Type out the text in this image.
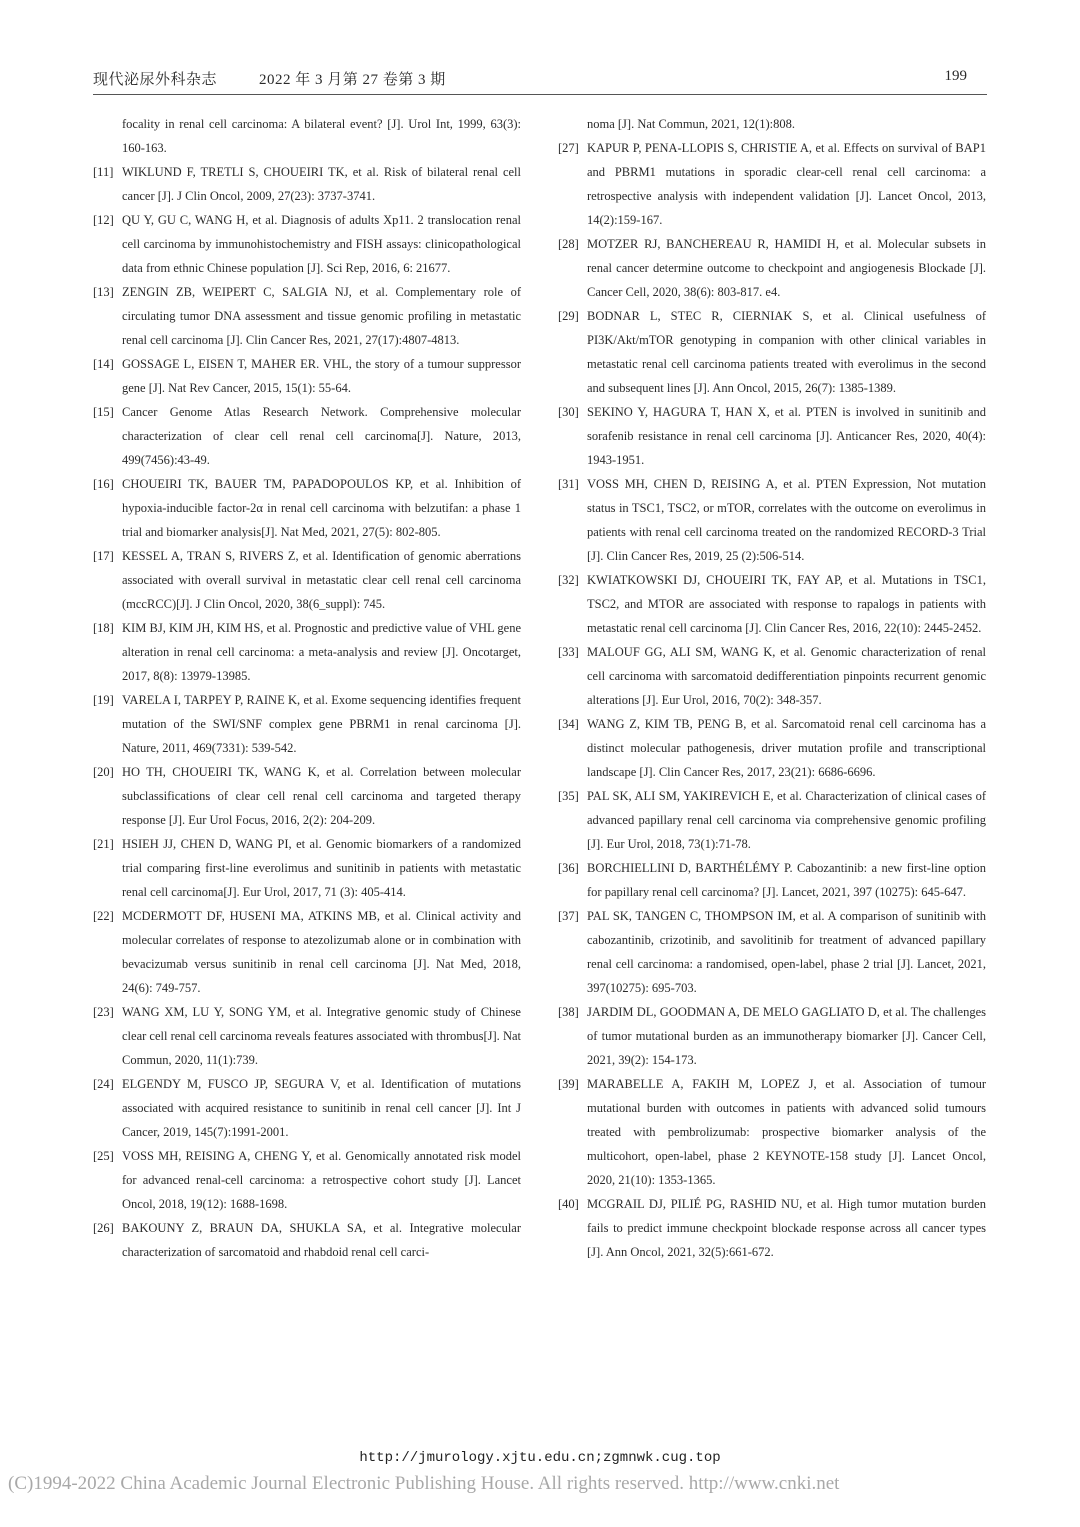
现代泌尿外科杂志	2022 年 3 月第 27 卷第 3 期	199
focality in renal cell carcinoma: A bilateral event? [J]. Urol Int, 1999, 63(3): 160-163.
[11] WIKLUND F, TRETLI S, CHOUEIRI TK, et al. Risk of bilateral renal cell cancer [J]. J Clin Oncol, 2009, 27(23): 3737-3741.
[12] QU Y, GU C, WANG H, et al. Diagnosis of adults Xp11. 2 translocation renal cell carcinoma by immunohistochemistry and FISH assays: clinicopathological data from ethnic Chinese population [J]. Sci Rep, 2016, 6: 21677.
[13] ZENGIN ZB, WEIPERT C, SALGIA NJ, et al. Complementary role of circulating tumor DNA assessment and tissue genomic profiling in metastatic renal cell carcinoma [J]. Clin Cancer Res, 2021, 27(17):4807-4813.
[14] GOSSAGE L, EISEN T, MAHER ER. VHL, the story of a tumour suppressor gene [J]. Nat Rev Cancer, 2015, 15(1): 55-64.
[15] Cancer Genome Atlas Research Network. Comprehensive molecular characterization of clear cell renal cell carcinoma[J]. Nature, 2013, 499(7456):43-49.
[16] CHOUEIRI TK, BAUER TM, PAPADOPOULOS KP, et al. Inhibition of hypoxia-inducible factor-2α in renal cell carcinoma with belzutifan: a phase 1 trial and biomarker analysis[J]. Nat Med, 2021, 27(5): 802-805.
[17] KESSEL A, TRAN S, RIVERS Z, et al. Identification of genomic aberrations associated with overall survival in metastatic clear cell renal cell carcinoma (mccRCC)[J]. J Clin Oncol, 2020, 38(6_suppl): 745.
[18] KIM BJ, KIM JH, KIM HS, et al. Prognostic and predictive value of VHL gene alteration in renal cell carcinoma: a meta-analysis and review [J]. Oncotarget, 2017, 8(8): 13979-13985.
[19] VARELA I, TARPEY P, RAINE K, et al. Exome sequencing identifies frequent mutation of the SWI/SNF complex gene PBRM1 in renal carcinoma [J]. Nature, 2011, 469(7331): 539-542.
[20] HO TH, CHOUEIRI TK, WANG K, et al. Correlation between molecular subclassifications of clear cell renal cell carcinoma and targeted therapy response [J]. Eur Urol Focus, 2016, 2(2): 204-209.
[21] HSIEH JJ, CHEN D, WANG PI, et al. Genomic biomarkers of a randomized trial comparing first-line everolimus and sunitinib in patients with metastatic renal cell carcinoma[J]. Eur Urol, 2017, 71 (3): 405-414.
[22] MCDERMOTT DF, HUSENI MA, ATKINS MB, et al. Clinical activity and molecular correlates of response to atezolizumab alone or in combination with bevacizumab versus sunitinib in renal cell carcinoma [J]. Nat Med, 2018, 24(6): 749-757.
[23] WANG XM, LU Y, SONG YM, et al. Integrative genomic study of Chinese clear cell renal cell carcinoma reveals features associated with thrombus[J]. Nat Commun, 2020, 11(1):739.
[24] ELGENDY M, FUSCO JP, SEGURA V, et al. Identification of mutations associated with acquired resistance to sunitinib in renal cell cancer [J]. Int J Cancer, 2019, 145(7):1991-2001.
[25] VOSS MH, REISING A, CHENG Y, et al. Genomically annotated risk model for advanced renal-cell carcinoma: a retrospective cohort study [J]. Lancet Oncol, 2018, 19(12): 1688-1698.
[26] BAKOUNY Z, BRAUN DA, SHUKLA SA, et al. Integrative molecular characterization of sarcomatoid and rhabdoid renal cell carci-
noma [J]. Nat Commun, 2021, 12(1):808.
[27] KAPUR P, PENA-LLOPIS S, CHRISTIE A, et al. Effects on survival of BAP1 and PBRM1 mutations in sporadic clear-cell renal cell carcinoma: a retrospective analysis with independent validation [J]. Lancet Oncol, 2013, 14(2):159-167.
[28] MOTZER RJ, BANCHEREAU R, HAMIDI H, et al. Molecular subsets in renal cancer determine outcome to checkpoint and angiogenesis Blockade [J]. Cancer Cell, 2020, 38(6): 803-817. e4.
[29] BODNAR L, STEC R, CIERNIAK S, et al. Clinical usefulness of PI3K/Akt/mTOR genotyping in companion with other clinical variables in metastatic renal cell carcinoma patients treated with everolimus in the second and subsequent lines [J]. Ann Oncol, 2015, 26(7): 1385-1389.
[30] SEKINO Y, HAGURA T, HAN X, et al. PTEN is involved in sunitinib and sorafenib resistance in renal cell carcinoma [J]. Anticancer Res, 2020, 40(4): 1943-1951.
[31] VOSS MH, CHEN D, REISING A, et al. PTEN Expression, Not mutation status in TSC1, TSC2, or mTOR, correlates with the outcome on everolimus in patients with renal cell carcinoma treated on the randomized RECORD-3 Trial [J]. Clin Cancer Res, 2019, 25 (2):506-514.
[32] KWIATKOWSKI DJ, CHOUEIRI TK, FAY AP, et al. Mutations in TSC1, TSC2, and MTOR are associated with response to rapalogs in patients with metastatic renal cell carcinoma [J]. Clin Cancer Res, 2016, 22(10): 2445-2452.
[33] MALOUF GG, ALI SM, WANG K, et al. Genomic characterization of renal cell carcinoma with sarcomatoid dedifferentiation pinpoints recurrent genomic alterations [J]. Eur Urol, 2016, 70(2): 348-357.
[34] WANG Z, KIM TB, PENG B, et al. Sarcomatoid renal cell carcinoma has a distinct molecular pathogenesis, driver mutation profile and transcriptional landscape [J]. Clin Cancer Res, 2017, 23(21): 6686-6696.
[35] PAL SK, ALI SM, YAKIREVICH E, et al. Characterization of clinical cases of advanced papillary renal cell carcinoma via comprehensive genomic profiling [J]. Eur Urol, 2018, 73(1):71-78.
[36] BORCHIELLINI D, BARTHÉLÉMY P. Cabozantinib: a new first-line option for papillary renal cell carcinoma? [J]. Lancet, 2021, 397 (10275): 645-647.
[37] PAL SK, TANGEN C, THOMPSON IM, et al. A comparison of sunitinib with cabozantinib, crizotinib, and savolitinib for treatment of advanced papillary renal cell carcinoma: a randomised, open-label, phase 2 trial [J]. Lancet, 2021, 397(10275): 695-703.
[38] JARDIM DL, GOODMAN A, DE MELO GAGLIATO D, et al. The challenges of tumor mutational burden as an immunotherapy biomarker [J]. Cancer Cell, 2021, 39(2): 154-173.
[39] MARABELLE A, FAKIH M, LOPEZ J, et al. Association of tumour mutational burden with outcomes in patients with advanced solid tumours treated with pembrolizumab: prospective biomarker analysis of the multicohort, open-label, phase 2 KEYNOTE-158 study [J]. Lancet Oncol, 2020, 21(10): 1353-1365.
[40] MCGRAIL DJ, PILIÉ PG, RASHID NU, et al. High tumor mutation burden fails to predict immune checkpoint blockade response across all cancer types [J]. Ann Oncol, 2021, 32(5):661-672.
http://jmurology.xjtu.edu.cn;zgmnwk.cug.top
(C)1994-2022 China Academic Journal Electronic Publishing House. All rights reserved. http://www.cnki.net
